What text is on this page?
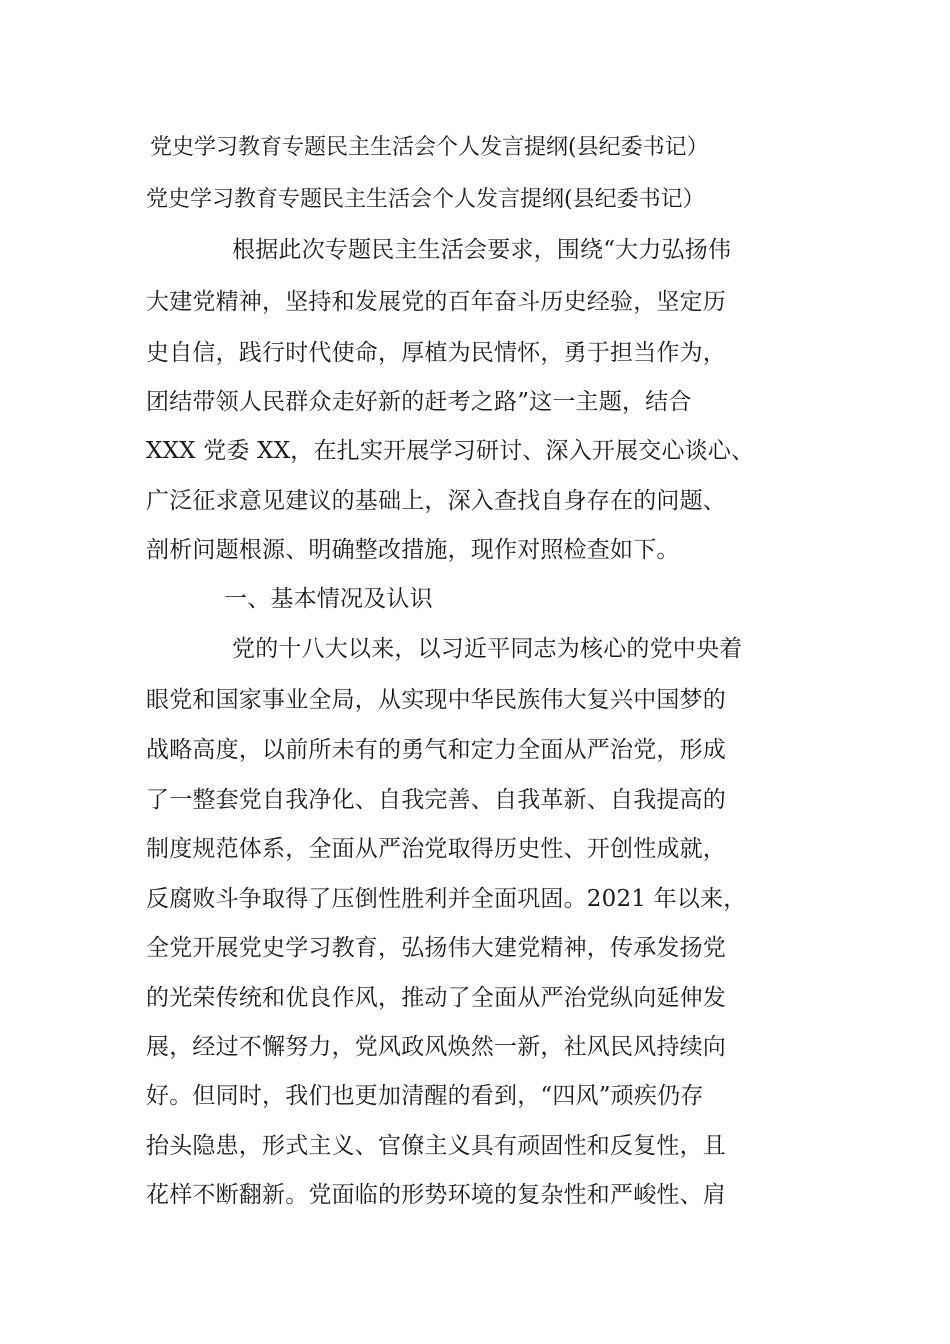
党史学习教育专题民主生活会个人发言提纲(县纪委书记）
党史学习教育专题民主生活会个人发言提纲(县纪委书记）
根据此次专题民主生活会要求，围绕“大力弘扬伟
大建党精神，坚持和发展党的百年奋斗历史经验，坚定历
史自信，践行时代使命，厚植为民情怀，勇于担当作为，
团结带领人民群众走好新的赶考之路”这一主题，结合
XXX 党委 XX，在扎实开展学习研讨、深入开展交心谈心、
广泛征求意见建议的基础上，深入查找自身存在的问题、
剖析问题根源、明确整改措施，现作对照检查如下。
一、基本情况及认识
党的十八大以来，以习近平同志为核心的党中央着
眼党和国家事业全局，从实现中华民族伟大复兴中国梦的
战略高度，以前所未有的勇气和定力全面从严治党，形成
了一整套党自我净化、自我完善、自我革新、自我提高的
制度规范体系，全面从严治党取得历史性、开创性成就，
反腐败斗争取得了压倒性胜利并全面巩固。2021 年以来，
全党开展党史学习教育，弘扬伟大建党精神，传承发扬党
的光荣传统和优良作风，推动了全面从严治党纵向延伸发
展，经过不懈努力，党风政风焕然一新，社风民风持续向
好。但同时，我们也更加清醒的看到，“四风”顽疾仍存
抬头隐患，形式主义、官僚主义具有顽固性和反复性，且
花样不断翻新。党面临的形势环境的复杂性和严峻性、肩
